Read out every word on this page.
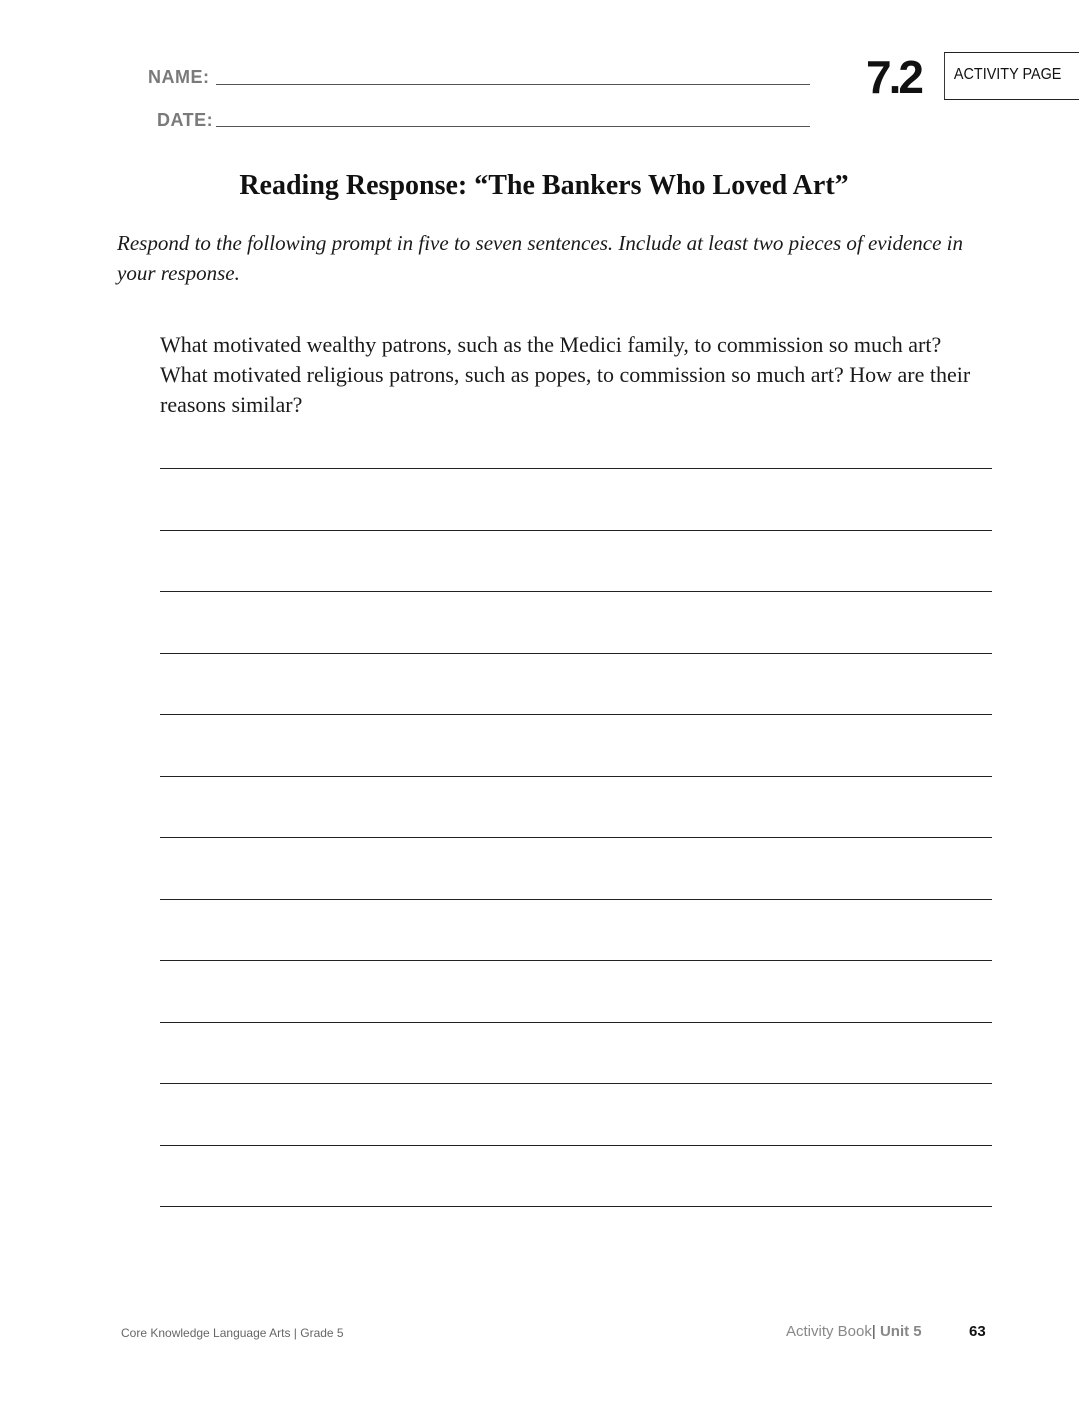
NAME:
DATE:
7.2	ACTIVITY PAGE
Reading Response: “The Bankers Who Loved Art”
Respond to the following prompt in five to seven sentences. Include at least two pieces of evidence in your response.
What motivated wealthy patrons, such as the Medici family, to commission so much art? What motivated religious patrons, such as popes, to commission so much art? How are their reasons similar?
Core Knowledge Language Arts | Grade 5	Activity Book| Unit 5	63
